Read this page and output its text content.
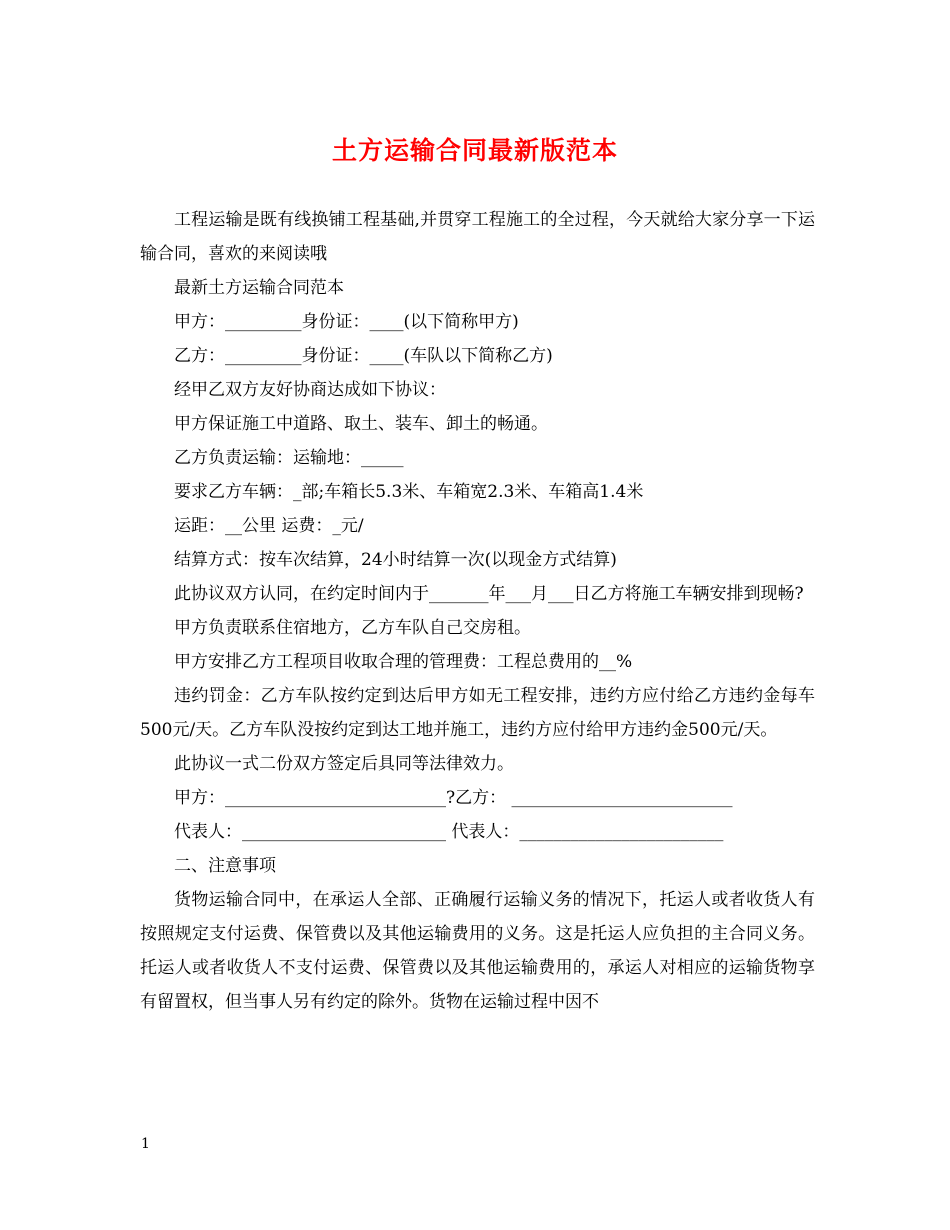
土方运输合同最新版范本

工程运输是既有线换铺工程基础,并贯穿工程施工的全过程，今天就给大家分享一下运输合同，喜欢的来阅读哦

最新土方运输合同范本

甲方：_________身份证：____(以下简称甲方)

乙方：_________身份证：____(车队以下简称乙方)

经甲乙双方友好协商达成如下协议：

甲方保证施工中道路、取土、装车、卸土的畅通。

乙方负责运输：运输地：_____

要求乙方车辆：_部;车箱长5.3米、车箱宽2.3米、车箱高1.4米

运距：__公里 运费：_元/

结算方式：按车次结算，24小时结算一次(以现金方式结算)

此协议双方认同，在约定时间内于_______年___月___日乙方将施工车辆安排到现畅?

甲方负责联系住宿地方，乙方车队自己交房租。

甲方安排乙方工程项目收取合理的管理费：工程总费用的__%

违约罚金：乙方车队按约定到达后甲方如无工程安排，违约方应付给乙方违约金每车500元/天。乙方车队没按约定到达工地并施工，违约方应付给甲方违约金500元/天。

此协议一式二份双方签定后具同等法律效力。

甲方：__________________________?乙方： __________________________

代表人：________________________ 代表人：________________________

二、注意事项

货物运输合同中，在承运人全部、正确履行运输义务的情况下，托运人或者收货人有按照规定支付运费、保管费以及其他运输费用的义务。这是托运人应负担的主合同义务。托运人或者收货人不支付运费、保管费以及其他运输费用的，承运人对相应的运输货物享有留置权，但当事人另有约定的除外。货物在运输过程中因不

1
